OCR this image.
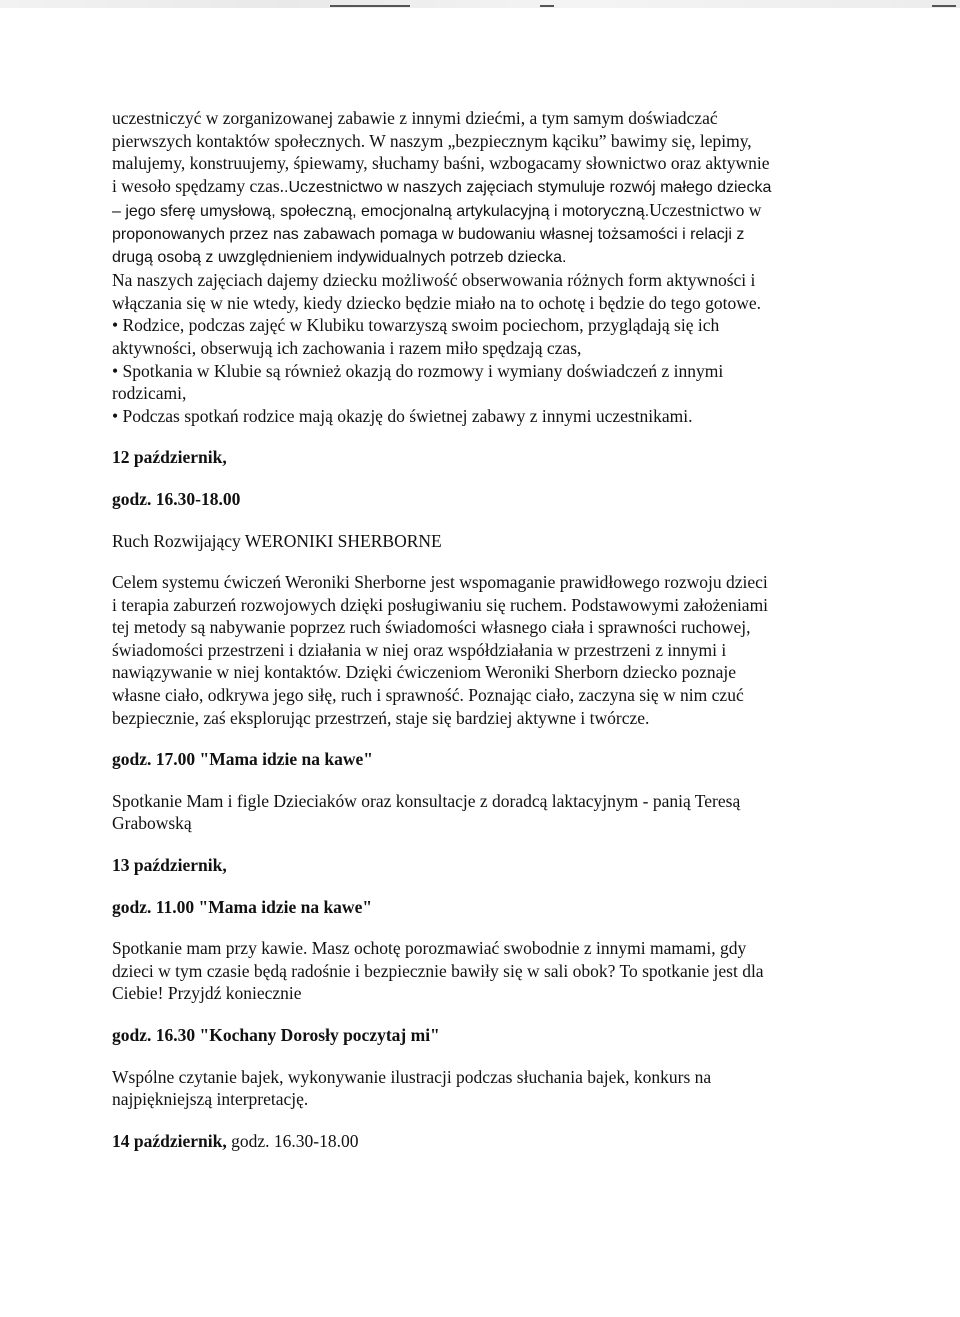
uczestniczyć w zorganizowanej zabawie z innymi dziećmi, a tym samym doświadczać
pierwszych kontaktów społecznych. W naszym „bezpiecznym kąciku” bawimy się, lepimy,
malujemy, konstruujemy, śpiewamy, słuchamy baśni, wzbogacamy słownictwo oraz aktywnie
i wesoło spędzamy czas..Uczestnictwo w naszych zajęciach stymuluje rozwój małego dziecka
– jego sferę umysłową, społeczną, emocjonalną artykulacyjną i motoryczną.Uczestnictwo w
proponowanych przez nas zabawach pomaga w budowaniu własnej tożsamości i relacji z
drugą osobą z uwzględnieniem indywidualnych potrzeb dziecka.
Na naszych zajęciach dajemy dziecku możliwość obserwowania różnych form aktywności i
włączania się w nie wtedy, kiedy dziecko będzie miało na to ochotę i będzie do tego gotowe.
• Rodzice, podczas zajęć w Klubiku towarzyszą swoim pociechom, przyglądają się ich
aktywności, obserwują ich zachowania i razem miło spędzają czas,
• Spotkania w Klubie są również okazją do rozmowy i wymiany doświadczeń z innymi
rodzicami,
• Podczas spotkań rodzice mają okazję do świetnej zabawy z innymi uczestnikami.

12 październik,

godz. 16.30-18.00

Ruch Rozwijający WERONIKI SHERBORNE

Celem systemu ćwiczeń Weroniki Sherborne jest wspomaganie prawidłowego rozwoju dzieci
i terapia zaburzeń rozwojowych dzięki posługiwaniu się ruchem. Podstawowymi założeniami
tej metody są nabywanie poprzez ruch świadomości własnego ciała i sprawności ruchowej,
świadomości przestrzeni i działania w niej oraz współdziałania w przestrzeni z innymi i
nawiązywanie w niej kontaktów. Dzięki ćwiczeniom Weroniki Sherborn dziecko poznaje
własne ciało, odkrywa jego siłę, ruch i sprawność. Poznając ciało, zaczyna się w nim czuć
bezpiecznie, zaś eksplorując przestrzeń, staje się bardziej aktywne i twórcze.

godz. 17.00 "Mama idzie na kawe"

Spotkanie Mam i figle Dzieciaków oraz konsultacje z doradcą laktacyjnym - panią Teresą
Grabowską

13 październik,

godz. 11.00 "Mama idzie na kawe"

Spotkanie mam przy kawie. Masz ochotę porozmawiać swobodnie z innymi mamami, gdy
dzieci w tym czasie będą radośnie i bezpiecznie bawiły się w sali obok? To spotkanie jest dla
Ciebie! Przyjdź koniecznie

godz. 16.30 "Kochany Dorosły poczytaj mi"

Wspólne czytanie bajek, wykonywanie ilustracji podczas słuchania bajek, konkurs na
najpiękniejszą interpretację.

14 październik, godz. 16.30-18.00
